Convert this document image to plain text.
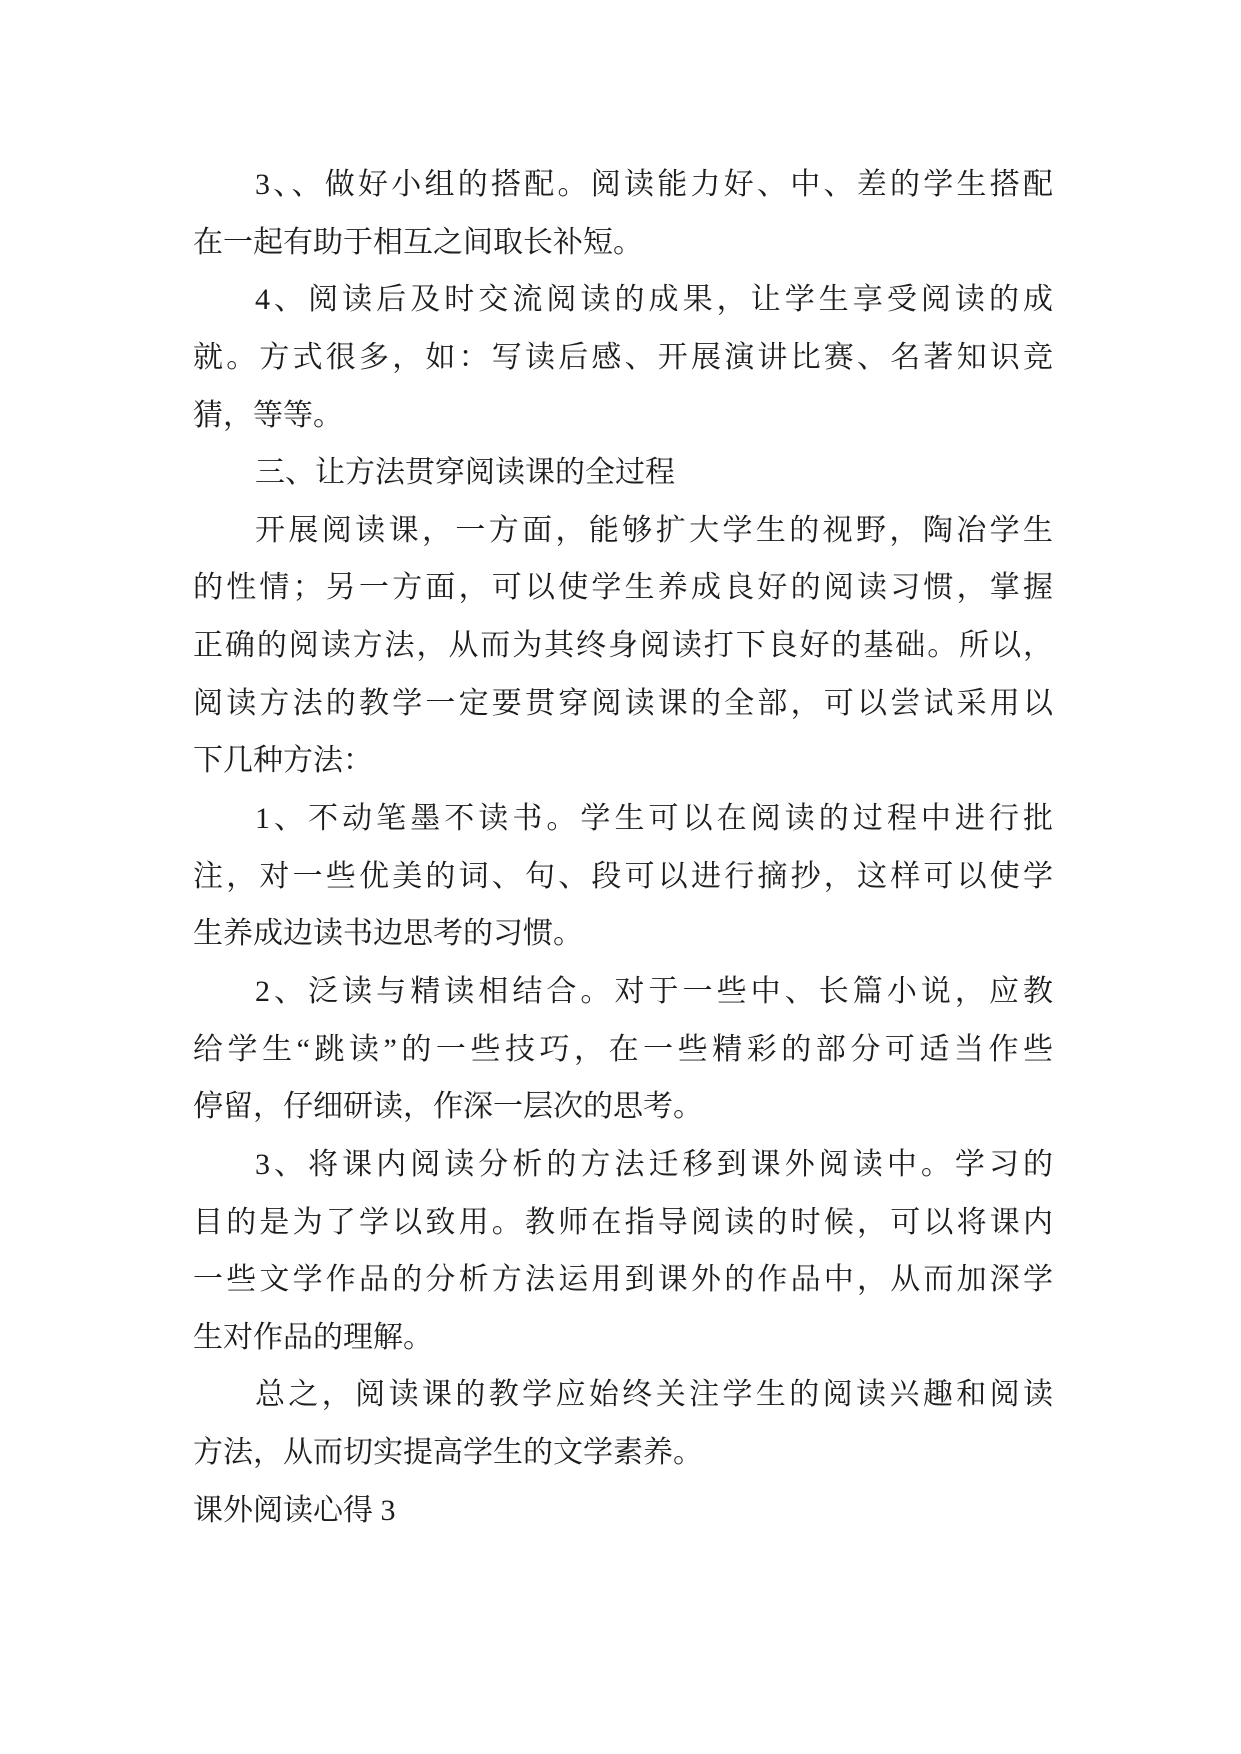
3、、做好小组的搭配。阅读能力好、中、差的学生搭配
在一起有助于相互之间取长补短。
4、阅读后及时交流阅读的成果，让学生享受阅读的成
就。方式很多，如：写读后感、开展演讲比赛、名著知识竞
猜，等等。
三、让方法贯穿阅读课的全过程
开展阅读课，一方面，能够扩大学生的视野，陶冶学生
的性情；另一方面，可以使学生养成良好的阅读习惯，掌握
正确的阅读方法，从而为其终身阅读打下良好的基础。所以，
阅读方法的教学一定要贯穿阅读课的全部，可以尝试采用以
下几种方法：
1、不动笔墨不读书。学生可以在阅读的过程中进行批
注，对一些优美的词、句、段可以进行摘抄，这样可以使学
生养成边读书边思考的习惯。
2、泛读与精读相结合。对于一些中、长篇小说，应教
给学生“跳读”的一些技巧，在一些精彩的部分可适当作些
停留，仔细研读，作深一层次的思考。
3、将课内阅读分析的方法迁移到课外阅读中。学习的
目的是为了学以致用。教师在指导阅读的时候，可以将课内
一些文学作品的分析方法运用到课外的作品中，从而加深学
生对作品的理解。
总之，阅读课的教学应始终关注学生的阅读兴趣和阅读
方法，从而切实提高学生的文学素养。
课外阅读心得 3
